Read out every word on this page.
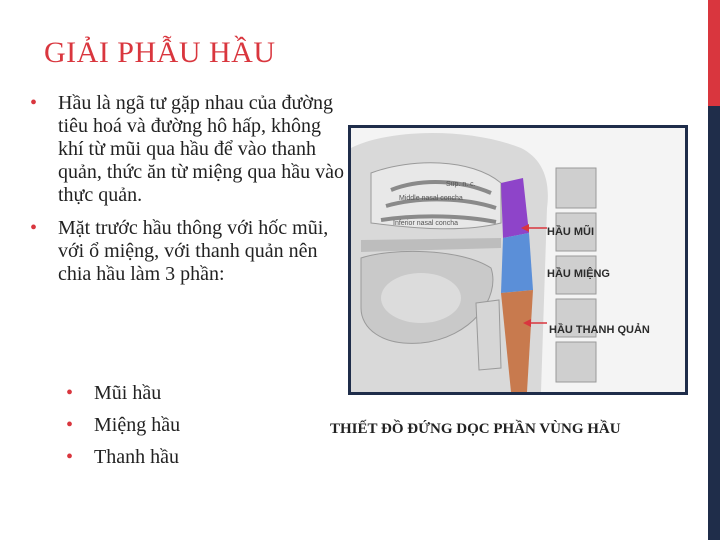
GIẢI PHẪU HẦU
• Hầu là ngã tư gặp nhau của đường tiêu hoá và đường hô hấp, không khí từ mũi qua hầu để vào thanh quản, thức ăn từ miệng qua hầu vào thực quản.
• Mặt trước hầu thông với hốc mũi, với ổ miệng, với thanh quản nên chia hầu làm 3 phần:
• Mũi hầu
• Miệng hầu
• Thanh hầu
Sup. n. c.
Middle nasal concha
Inferior nasal concha
HẦU MŨI
HẦU MIỆNG
HẦU THANH QUẢN
THIẾT ĐỒ ĐỨNG DỌC PHẦN VÙNG HẦU
